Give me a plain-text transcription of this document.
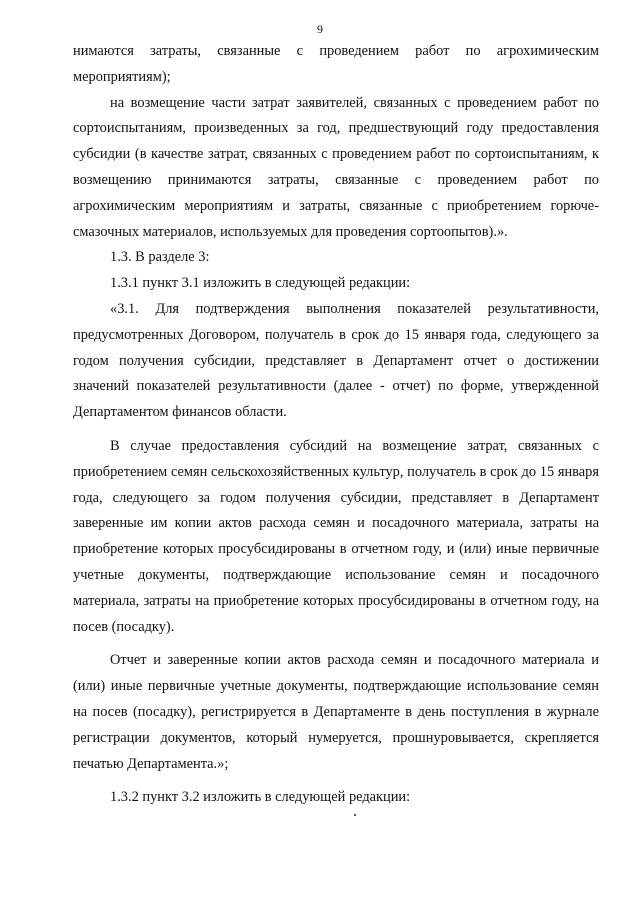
9

нимаются затраты, связанные с проведением работ по агрохимическим мероприятиям);

на возмещение части затрат заявителей, связанных с проведением работ по сортоиспытаниям, произведенных за год, предшествующий году предоставления субсидии (в качестве затрат, связанных с проведением работ по сортоиспытаниям, к возмещению принимаются затраты, связанные с проведением работ по агрохимическим мероприятиям и затраты, связанные с приобретением горюче-смазочных материалов, используемых для проведения сортоопытов).».

1.3. В разделе 3:

1.3.1 пункт 3.1 изложить в следующей редакции:

«3.1. Для подтверждения выполнения показателей результативности, предусмотренных Договором, получатель в срок до 15 января года, следующего за годом получения субсидии, представляет в Департамент отчет о достижении значений показателей результативности (далее - отчет) по форме, утвержденной Департаментом финансов области.

В случае предоставления субсидий на возмещение затрат, связанных с приобретением семян сельскохозяйственных культур, получатель в срок до 15 января года, следующего за годом получения субсидии, представляет в Департамент заверенные им копии актов расхода семян и посадочного материала, затраты на приобретение которых просубсидированы в отчетном году, и (или) иные первичные учетные документы, подтверждающие использование семян и посадочного материала, затраты на приобретение которых просубсидированы в отчетном году, на посев (посадку).

Отчет и заверенные копии актов расхода семян и посадочного материала и (или) иные первичные учетные документы, подтверждающие использование семян на посев (посадку), регистрируется в Департаменте в день поступления в журнале регистрации документов, который нумеруется, прошнуровывается, скрепляется печатью Департамента.»;

1.3.2 пункт 3.2 изложить в следующей редакции:
